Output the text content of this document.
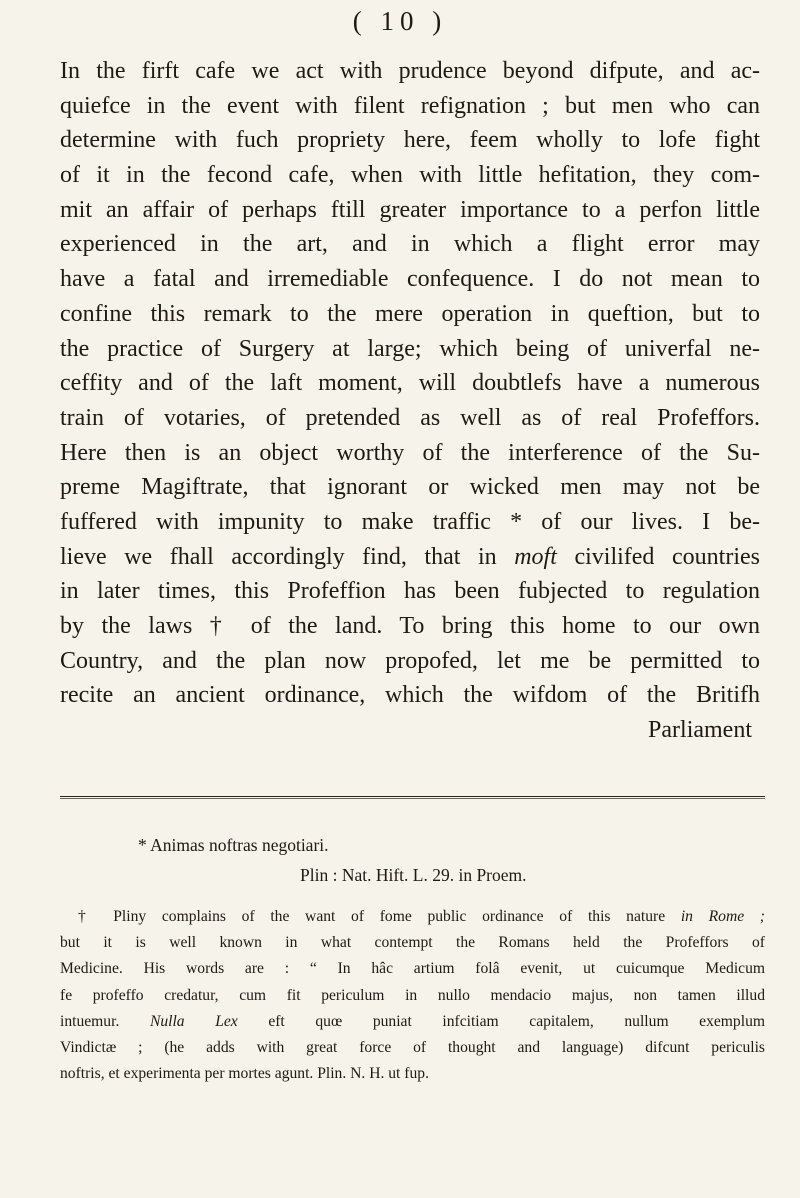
( 10 )
In the firft cafe we act with prudence beyond difpute, and ac-
quiefce in the event with filent refignation ; but men who can
determine with fuch propriety here, feem wholly to lofe fight
of it in the fecond cafe, when with little hefitation, they com-
mit an affair of perhaps ftill greater importance to a perfon little
experienced in the art, and in which a flight error may
have a fatal and irremediable confequence. I do not mean to
confine this remark to the mere operation in queftion, but to
the practice of Surgery at large; which being of univerfal ne-
ceffity and of the laft moment, will doubtlefs have a numerous
train of votaries, of pretended as well as of real Profeffors.
Here then is an object worthy of the interference of the Su-
preme Magiftrate, that ignorant or wicked men may not be
fuffered with impunity to make traffic * of our lives. I be-
lieve we fhall accordingly find, that in moft civilifed countries
in later times, this Profeffion has been fubjected to regulation
by the laws † of the land. To bring this home to our own
Country, and the plan now propofed, let me be permitted to
recite an ancient ordinance, which the wifdom of the Britifh
Parliament
* Animas noftras negotiari.
Plin : Nat. Hift. L. 29. in Proem.
† Pliny complains of the want of fome public ordinance of this nature in Rome ;
but it is well known in what contempt the Romans held the Profeffors of
Medicine. His words are : “ In hâc artium folâ evenit, ut cuicumque Medicum
fe profeffo credatur, cum fit periculum in nullo mendacio majus, non tamen illud
intuemur. Nulla Lex eft quœ puniat infcitiam capitalem, nullum exemplum
Vindictæ ; (he adds with great force of thought and language) difcunt periculis
noftris, et experimenta per mortes agunt. Plin. N. H. ut fup.
